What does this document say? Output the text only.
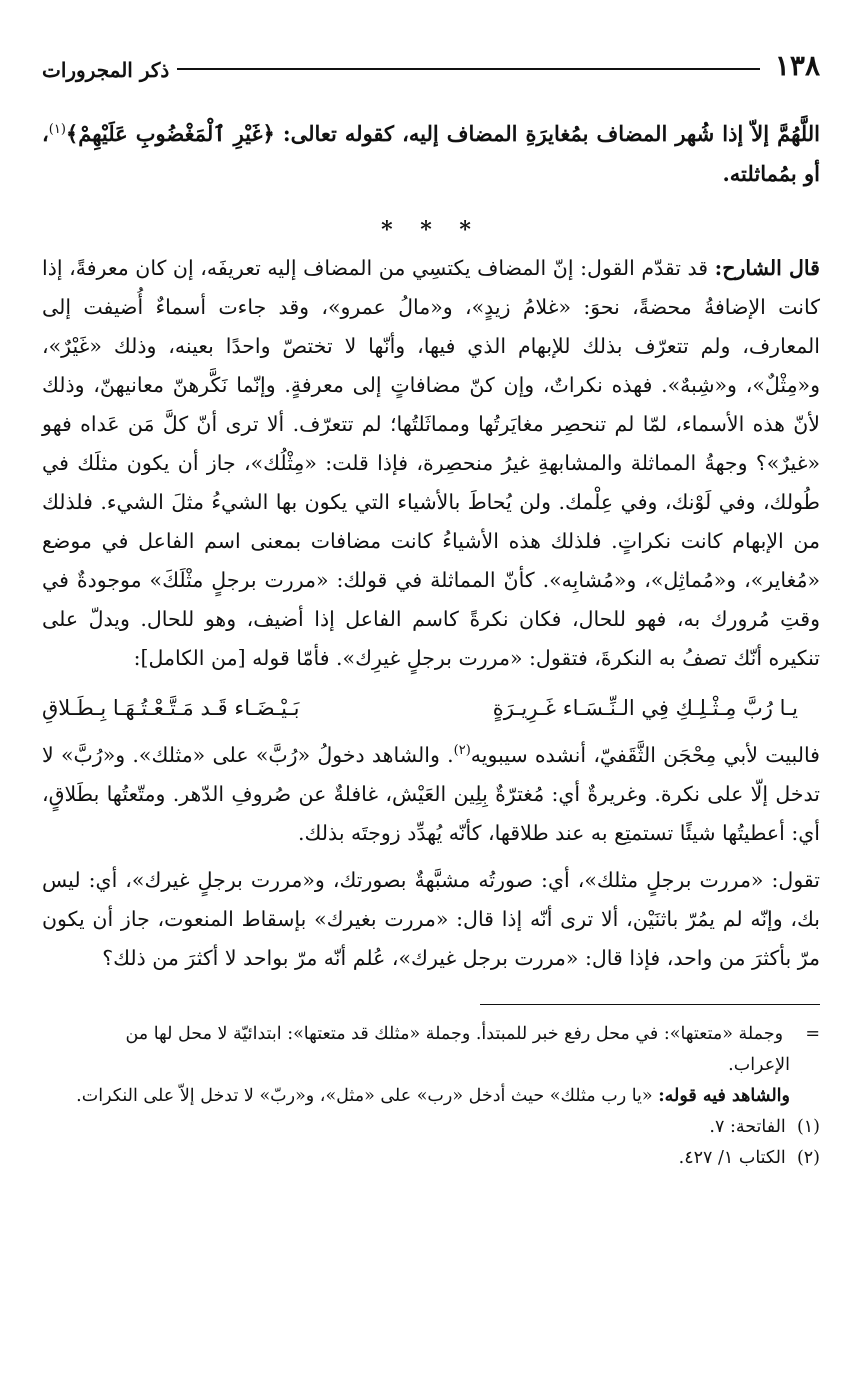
١٣٨
ذكر المجرورات

اللَّهُمَّ إلاّ إذا شُهر المضاف بمُغايرَةِ المضاف إليه، كقوله تعالى: ﴿غَيْرِ ٱلْمَغْضُوبِ عَلَيْهِمْ﴾$^{(١)}$، أو بمُماثلته.

* * *

قال الشارح: قد تقدّم القول: إنّ المضاف يكتسِي من المضاف إليه تعريفَه، إن كان معرفةً، إذا كانت الإضافةُ محضةً، نحوَ: «غلامُ زيدٍ»، و«مالُ عمرو»، وقد جاءت أسماءٌ أُضيفت إلى المعارف، ولم تتعرّف بذلك للإبهام الذي فيها، وأنّها لا تختصّ واحدًا بعينه، وذلك «غَيْرٌ»، و«مِثْلٌ»، و«شِبهٌ». فهذه نكراتٌ، وإن كنّ مضافاتٍ إلى معرفةٍ. وإنّما نَكَّرهنّ معانيهنّ، وذلك لأنّ هذه الأسماء، لمّا لم تنحصِر مغايَرتُها ومماثَلتُها؛ لم تتعرّف. ألا ترى أنّ كلَّ مَن عَداه فهو «غيرٌ»؟ وجهةُ المماثلة والمشابهةِ غيرُ منحصِرة، فإذا قلت: «مِثْلُك»، جاز أن يكون مثلَك في طُولك، وفي لَوْنك، وفي عِلْمك. ولن يُحاطَ بالأشياء التي يكون بها الشيءُ مثلَ الشيء. فلذلك من الإبهام كانت نكراتٍ. فلذلك هذه الأشياءُ كانت مضافات بمعنى اسم الفاعل في موضع «مُغاير»، و«مُماثِل»، و«مُشابِه». كأنّ المماثلة في قولك: «مررت برجلٍ مثْلَكَ» موجودةٌ في وقتِ مُرورك به، فهو للحال، فكان نكرةً كاسم الفاعل إذا أضيف، وهو للحال. ويدلّ على تنكيره أنّك تصفُ به النكرةَ، فتقول: «مررت برجلٍ غيرِك». فأمّا قوله [من الكامل]:

يـا رُبَّ مِـثْـلِـكِ فِي الـنِّـسَـاء غَـرِيـرَةٍ
بَـيْـضَـاء قَـد مَـتَّـعْـتُـهَـا بِـطَـلاقِ

فالبيت لأبي مِحْجَن الثَّقَفيّ، أنشده سيبويه$^{(٢)}$. والشاهد دخولُ «رُبَّ» على «مثلك». و«رُبَّ» لا تدخل إلّا على نكرة. وغريرةٌ أي: مُغترّةٌ بِلِين العَيْش، غافلةٌ عن صُروفِ الدّهر. ومتّعتُها بطَلاقٍ، أي: أعطيتُها شيئًا تستمتِع به عند طلاقها، كأنّه يُهدِّد زوجتَه بذلك.

تقول: «مررت برجلٍ مثلك»، أي: صورتُه مشبَّهةٌ بصورتك، و«مررت برجلٍ غيرك»، أي: ليس بك، وإنّه لم يمُرّ باثنَيْن، ألا ترى أنّه إذا قال: «مررت بغيرك» بإسقاط المنعوت، جاز أن يكون مرّ بأكثرَ من واحد، فإذا قال: «مررت برجل غيرك»، عُلم أنّه مرّ بواحد لا أكثرَ من ذلك؟

=    وجملة «متعتها»: في محل رفع خبر للمبتدأ. وجملة «مثلك قد متعتها»: ابتدائيّة لا محل لها من

الإعراب.

والشاهد فيه قوله: «يا رب مثلك» حيث أدخل «رب» على «مثل»، و«ربّ» لا تدخل إلاّ على النكرات.

(١)  الفاتحة: ٧.

(٢)  الكتاب ١/ ٤٢٧.
